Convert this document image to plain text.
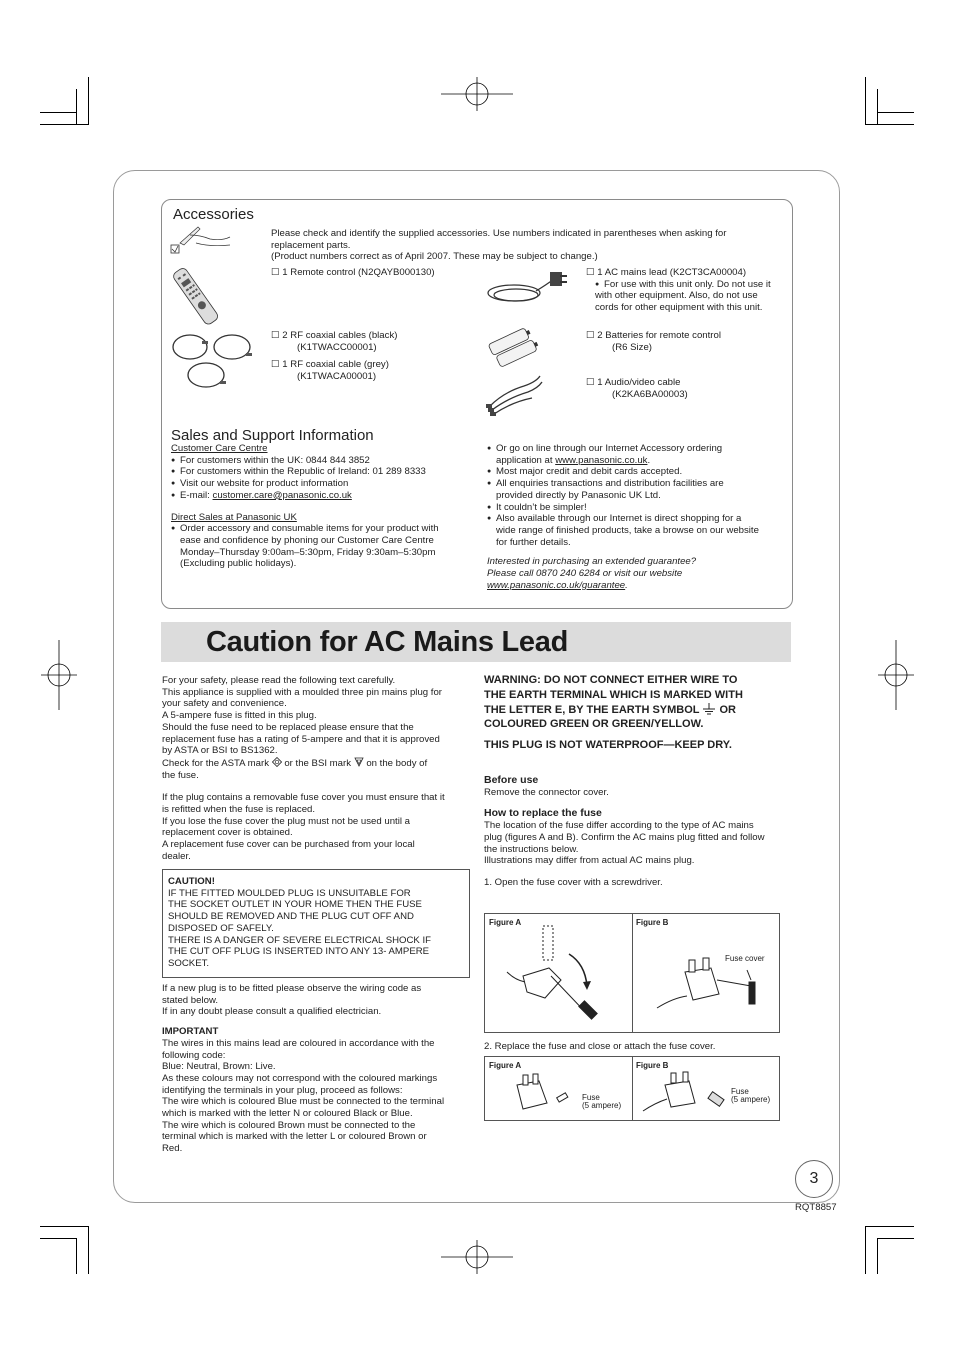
Accessories

Please check and identify the supplied accessories. Use numbers indicated in parentheses when asking for

replacement parts.

(Product numbers correct as of April 2007. These may be subject to change.)

☐ 1 Remote control (N2QAYB000130)	☐ 1 AC mains lead (K2CT3CA00004)

● For use with this unit only. Do not use it

with other equipment. Also, do not use

cords for other equipment with this unit.

☐ 2 RF coaxial cables (black)

(K1TWACC00001)

☐ 1 RF coaxial cable (grey)

(K1TWACA00001)

☐ 2 Batteries for remote control

(R6 Size)

☐ 1 Audio/video cable

(K2KA6BA00003)

Sales and Support Information

Customer Care Centre

● For customers within the UK: 0844 844 3852

● For customers within the Republic of Ireland: 01 289 8333

● Visit our website for product information

● E-mail: customer.care@panasonic.co.uk

Direct Sales at Panasonic UK

● Order accessory and consumable items for your product with

ease and confidence by phoning our Customer Care Centre

Monday–Thursday 9:00am–5:30pm, Friday 9:30am–5:30pm

(Excluding public holidays).

● Or go on line through our Internet Accessory ordering

application at www.panasonic.co.uk.

● Most major credit and debit cards accepted.

● All enquiries transactions and distribution facilities are

provided directly by Panasonic UK Ltd.

● It couldn’t be simpler!

● Also available through our Internet is direct shopping for a

wide range of finished products, take a browse on our website

for further details.

Interested in purchasing an extended guarantee?

Please call 0870 240 6284 or visit our website

www.panasonic.co.uk/guarantee.

Caution for AC Mains Lead

For your safety, please read the following text carefully.

This appliance is supplied with a moulded three pin mains plug for

your safety and convenience.

A 5-ampere fuse is fitted in this plug.

Should the fuse need to be replaced please ensure that the

replacement fuse has a rating of 5-ampere and that it is approved

by ASTA or BSI to BS1362.

Check for the ASTA mark or the BSI mark on the body of

the fuse.

If the plug contains a removable fuse cover you must ensure that it

is refitted when the fuse is replaced.

If you lose the fuse cover the plug must not be used until a

replacement cover is obtained.

A replacement fuse cover can be purchased from your local

dealer.

CAUTION!

IF THE FITTED MOULDED PLUG IS UNSUITABLE FOR

THE SOCKET OUTLET IN YOUR HOME THEN THE FUSE

SHOULD BE REMOVED AND THE PLUG CUT OFF AND

DISPOSED OF SAFELY.

THERE IS A DANGER OF SEVERE ELECTRICAL SHOCK IF

THE CUT OFF PLUG IS INSERTED INTO ANY 13- AMPERE

SOCKET.

If a new plug is to be fitted please observe the wiring code as

stated below.

If in any doubt please consult a qualified electrician.

IMPORTANT

The wires in this mains lead are coloured in accordance with the

following code:

Blue: Neutral, Brown: Live.

As these colours may not correspond with the coloured markings

identifying the terminals in your plug, proceed as follows:

The wire which is coloured Blue must be connected to the terminal

which is marked with the letter N or coloured Black or Blue.

The wire which is coloured Brown must be connected to the

terminal which is marked with the letter L or coloured Brown or

Red.

WARNING: DO NOT CONNECT EITHER WIRE TO

THE EARTH TERMINAL WHICH IS MARKED WITH

THE LETTER E, BY THE EARTH SYMBOL OR

COLOURED GREEN OR GREEN/YELLOW.

THIS PLUG IS NOT WATERPROOF—KEEP DRY.

Before use

Remove the connector cover.

How to replace the fuse

The location of the fuse differ according to the type of AC mains

plug (figures A and B). Confirm the AC mains plug fitted and follow

the instructions below.

Illustrations may differ from actual AC mains plug.

1. Open the fuse cover with a screwdriver.

Figure A	Figure B
Fuse cover
2. Replace the fuse and close or attach the fuse cover.
Figure A	Figure B
Fuse
(5 ampere)
Fuse
(5 ampere)
3
RQT8857
